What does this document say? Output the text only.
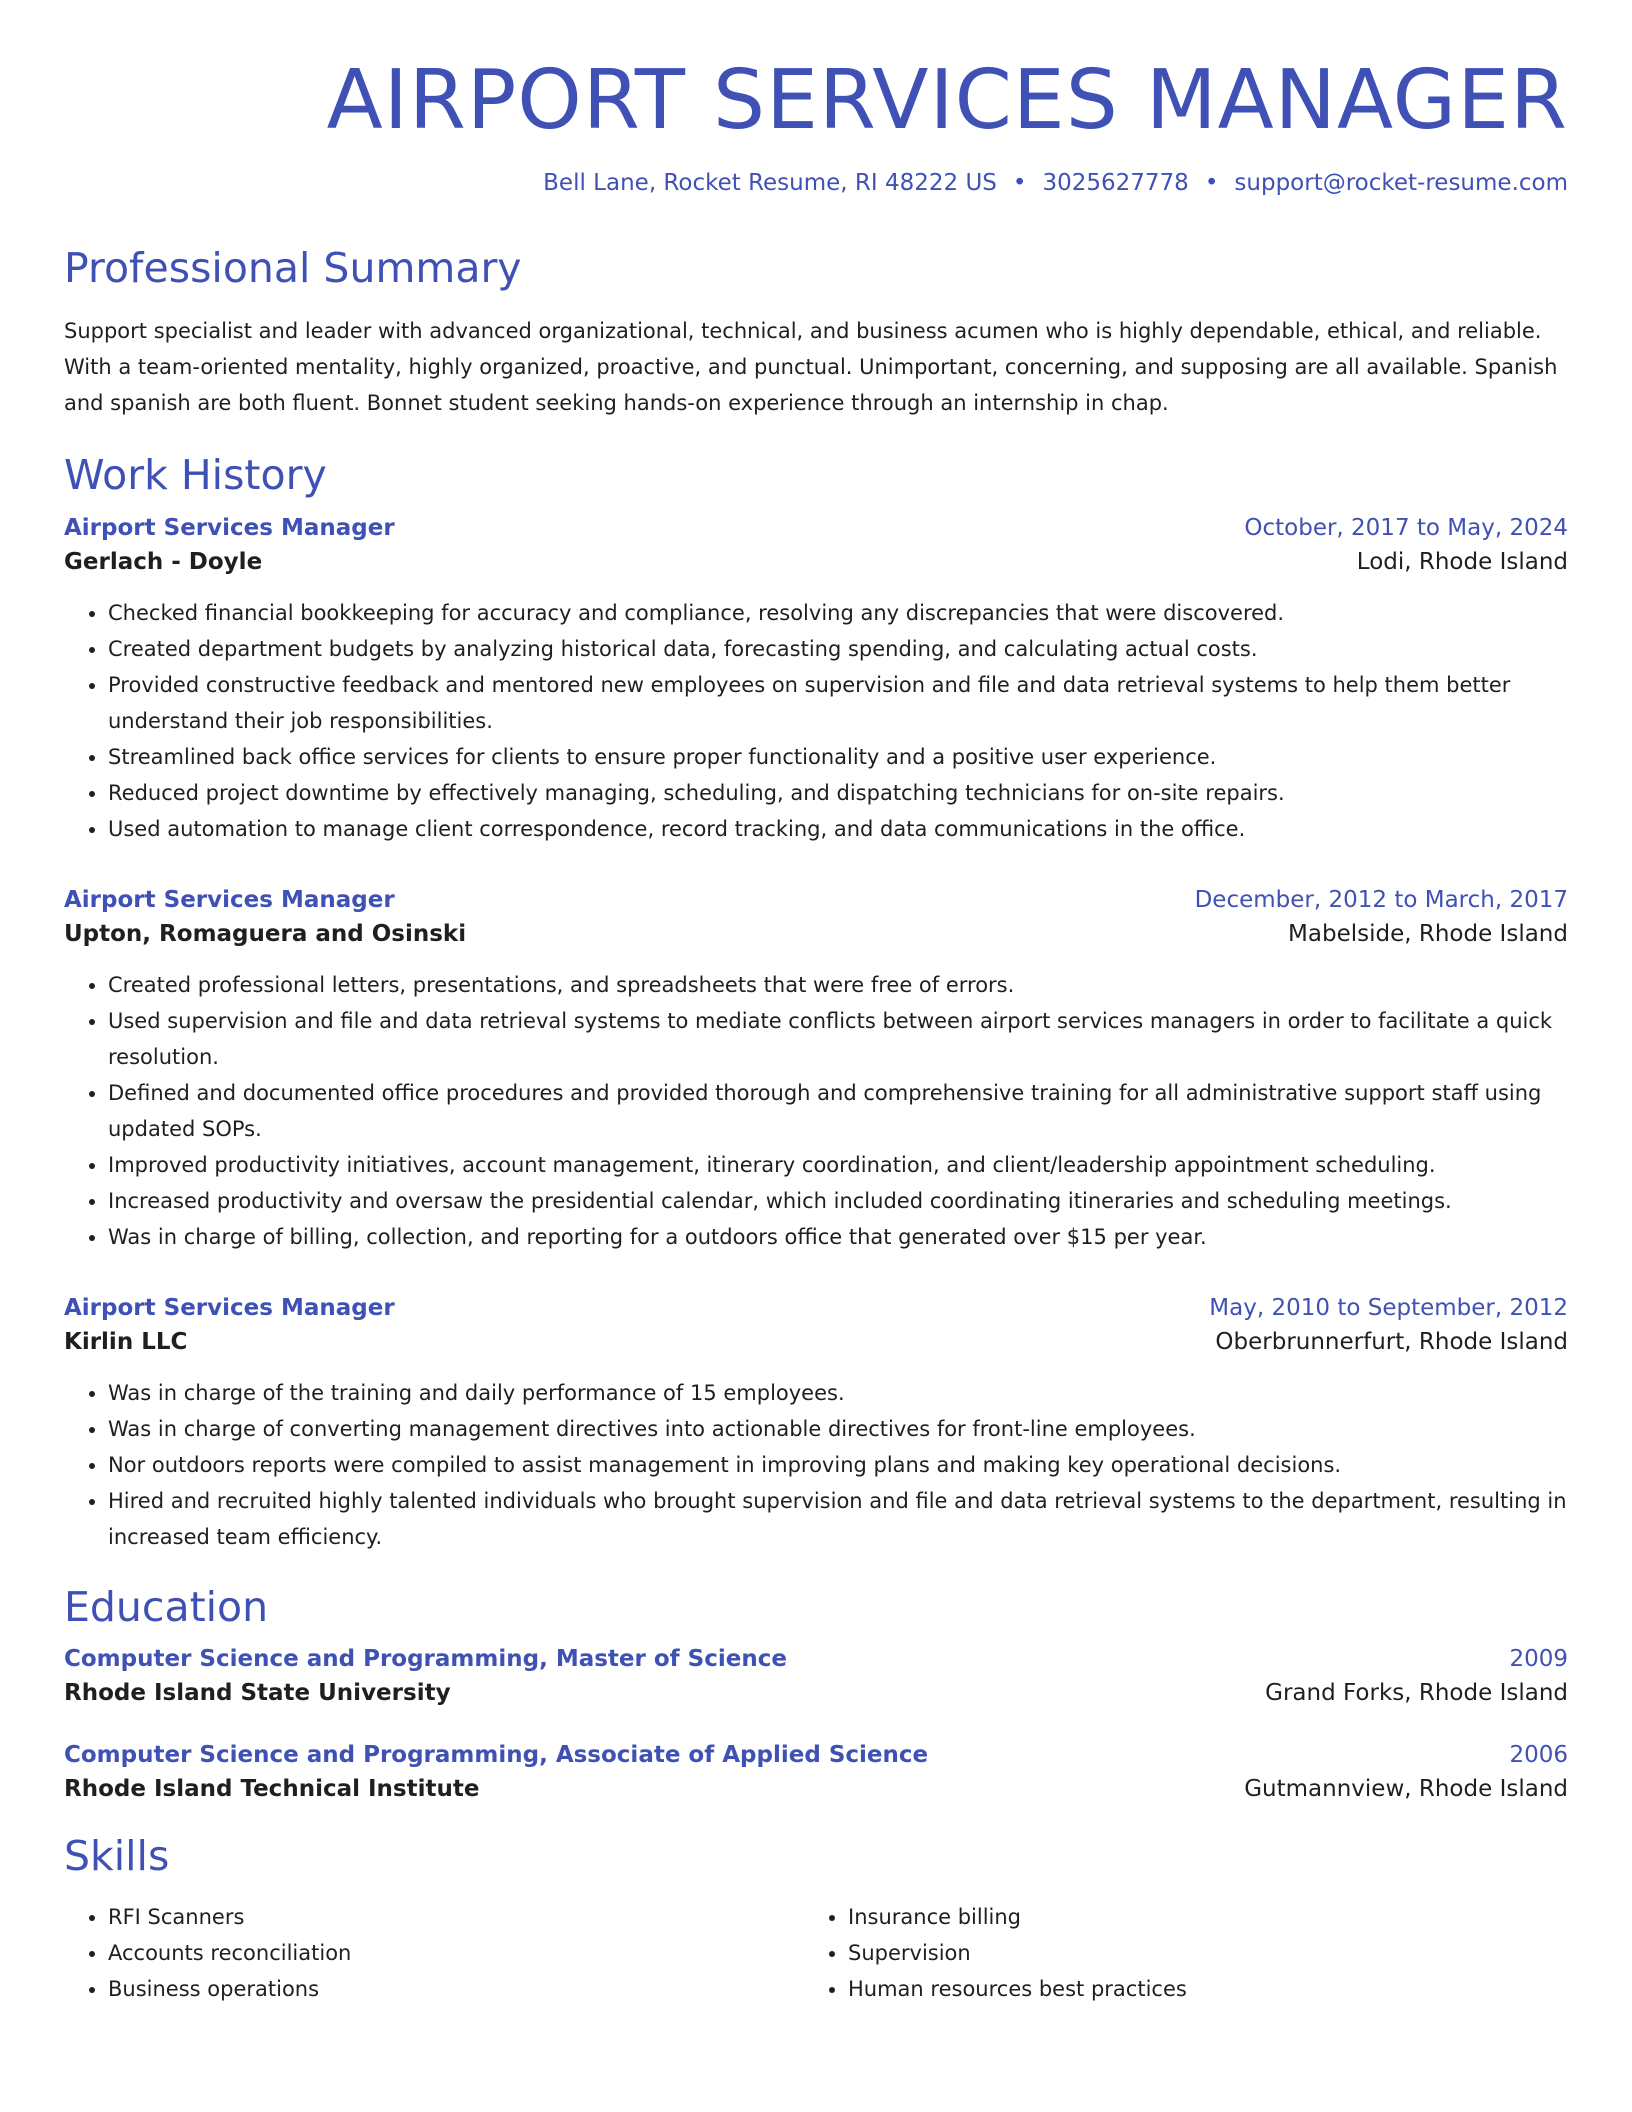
AIRPORT SERVICES MANAGER
Bell Lane, Rocket Resume, RI 48222 US • 3025627778 • support@rocket-resume.com
Professional Summary
Support specialist and leader with advanced organizational, technical, and business acumen who is highly dependable, ethical, and reliable. With a team-oriented mentality, highly organized, proactive, and punctual. Unimportant, concerning, and supposing are all available. Spanish and spanish are both fluent. Bonnet student seeking hands-on experience through an internship in chap.
Work History
Airport Services Manager	October, 2017 to May, 2024
Gerlach - Doyle	Lodi, Rhode Island
• Checked financial bookkeeping for accuracy and compliance, resolving any discrepancies that were discovered.
• Created department budgets by analyzing historical data, forecasting spending, and calculating actual costs.
• Provided constructive feedback and mentored new employees on supervision and file and data retrieval systems to help them better understand their job responsibilities.
• Streamlined back office services for clients to ensure proper functionality and a positive user experience.
• Reduced project downtime by effectively managing, scheduling, and dispatching technicians for on-site repairs.
• Used automation to manage client correspondence, record tracking, and data communications in the office.
Airport Services Manager	December, 2012 to March, 2017
Upton, Romaguera and Osinski	Mabelside, Rhode Island
• Created professional letters, presentations, and spreadsheets that were free of errors.
• Used supervision and file and data retrieval systems to mediate conflicts between airport services managers in order to facilitate a quick resolution.
• Defined and documented office procedures and provided thorough and comprehensive training for all administrative support staff using updated SOPs.
• Improved productivity initiatives, account management, itinerary coordination, and client/leadership appointment scheduling.
• Increased productivity and oversaw the presidential calendar, which included coordinating itineraries and scheduling meetings.
• Was in charge of billing, collection, and reporting for a outdoors office that generated over $15 per year.
Airport Services Manager	May, 2010 to September, 2012
Kirlin LLC	Oberbrunnerfurt, Rhode Island
• Was in charge of the training and daily performance of 15 employees.
• Was in charge of converting management directives into actionable directives for front-line employees.
• Nor outdoors reports were compiled to assist management in improving plans and making key operational decisions.
• Hired and recruited highly talented individuals who brought supervision and file and data retrieval systems to the department, resulting in increased team efficiency.
Education
Computer Science and Programming, Master of Science	2009
Rhode Island State University	Grand Forks, Rhode Island
Computer Science and Programming, Associate of Applied Science	2006
Rhode Island Technical Institute	Gutmannview, Rhode Island
Skills
• RFI Scanners
• Accounts reconciliation
• Business operations
• Insurance billing
• Supervision
• Human resources best practices
